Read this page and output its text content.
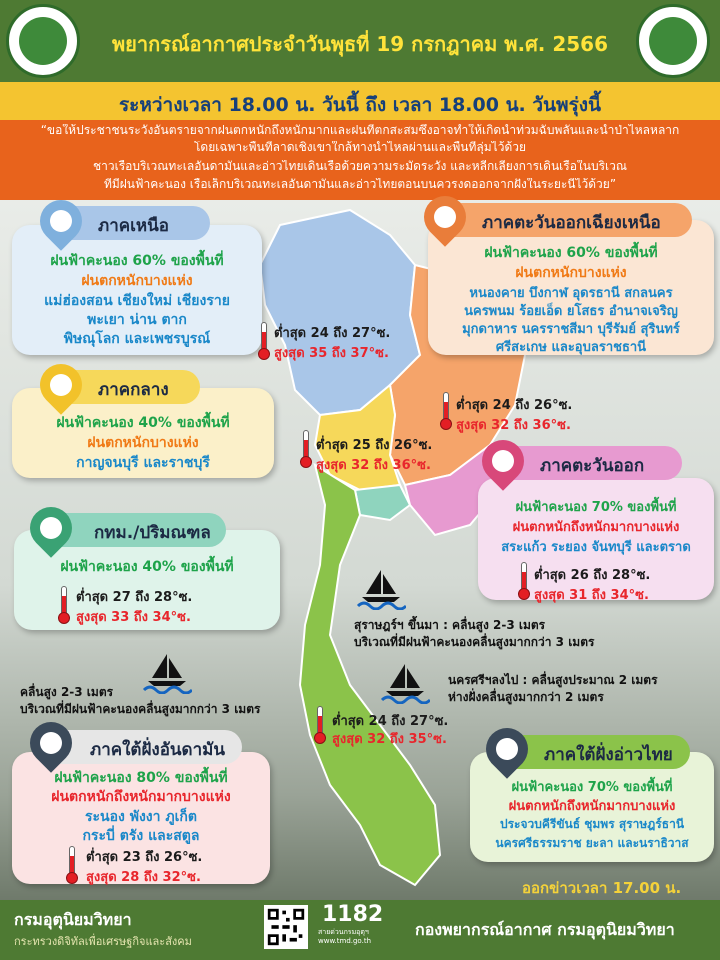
พยากรณ์อากาศประจำวันพุธที่ 19 กรกฎาคม พ.ศ. 2566
ระหว่างเวลา 18.00 น. วันนี้ ถึง เวลา 18.00 น. วันพรุ่งนี้
“ขอให้ประชาชนระวังอันตรายจากฝนตกหนักถึงหนักมากและฝนที่ตกสะสมซึ่งอาจทำให้เกิดน้ำท่วมฉับพลันและน้ำป่าไหลหลาก
โดยเฉพาะพื้นที่ลาดเชิงเขาใกล้ทางน้ำไหลผ่านและพื้นที่ลุ่มไว้ด้วย
ชาวเรือบริเวณทะเลอันดามันและอ่าวไทยเดินเรือด้วยความระมัดระวัง และหลีกเลี่ยงการเดินเรือในบริเวณ
ที่มีฝนฟ้าคะนอง เรือเล็กบริเวณทะเลอันดามันและอ่าวไทยตอนบนควรงดออกจากฝั่งในระยะนี้ไว้ด้วย”
ภาคเหนือ
ฝนฟ้าคะนอง 60% ของพื้นที่
ฝนตกหนักบางแห่ง
แม่ฮ่องสอน เชียงใหม่ เชียงราย
พะเยา น่าน ตาก
พิษณุโลก และเพชรบูรณ์	ต่ำสุด 24 ถึง 27°ซ.
สูงสุด 35 ถึง 37°ซ.
ภาคตะวันออกเฉียงเหนือ
ฝนฟ้าคะนอง 60% ของพื้นที่
ฝนตกหนักบางแห่ง
หนองคาย บึงกาฬ อุดรธานี สกลนคร
นครพนม ร้อยเอ็ด ยโสธร อำนาจเจริญ
มุกดาหาร นครราชสีมา บุรีรัมย์ สุรินทร์
ศรีสะเกษ และอุบลราชธานี
ต่ำสุด 24 ถึง 26°ซ.
สูงสุด 32 ถึง 36°ซ.
ภาคกลาง
ฝนฟ้าคะนอง 40% ของพื้นที่
ฝนตกหนักบางแห่ง
กาญจนบุรี และราชบุรี
ต่ำสุด 25 ถึง 26°ซ.
สูงสุด 32 ถึง 36°ซ.	ภาคตะวันออก
ฝนฟ้าคะนอง 70% ของพื้นที่
ฝนตกหนักถึงหนักมากบางแห่ง
สระแก้ว ระยอง จันทบุรี และตราด
ต่ำสุด 26 ถึง 28°ซ.
สูงสุด 31 ถึง 34°ซ.
กทม./ปริมณฑล
ฝนฟ้าคะนอง 40% ของพื้นที่
ต่ำสุด 27 ถึง 28°ซ.
สูงสุด 33 ถึง 34°ซ.
ภาคใต้ฝั่งอันดามัน
ฝนฟ้าคะนอง 80% ของพื้นที่
ฝนตกหนักถึงหนักมากบางแห่ง
ระนอง พังงา ภูเก็ต
กระบี่ ตรัง และสตูล
ต่ำสุด 23 ถึง 26°ซ.
สูงสุด 28 ถึง 32°ซ.
ต่ำสุด 24 ถึง 27°ซ.
สูงสุด 32 ถึง 35°ซ.
ภาคใต้ฝั่งอ่าวไทย
ฝนฟ้าคะนอง 70% ของพื้นที่
ฝนตกหนักถึงหนักมากบางแห่ง
ประจวบคีรีขันธ์ ชุมพร สุราษฎร์ธานี
นครศรีธรรมราช ยะลา และนราธิวาส
สุราษฎร์ฯ ขึ้นมา : คลื่นสูง 2-3 เมตร
บริเวณที่มีฝนฟ้าคะนองคลื่นสูงมากกว่า 3 เมตร
คลื่นสูง 2-3 เมตร
บริเวณที่มีฝนฟ้าคะนองคลื่นสูงมากกว่า 3 เมตร
นครศรีฯลงไป : คลื่นสูงประมาณ 2 เมตร
ห่างฝั่งคลื่นสูงมากกว่า 2 เมตร
ออกข่าวเวลา 17.00 น.
กรมอุตุนิยมวิทยา
กระทรวงดิจิทัลเพื่อเศรษฐกิจและสังคม
1182
สายด่วนกรมอุตุฯ
www.tmd.go.th
กองพยากรณ์อากาศ กรมอุตุนิยมวิทยา
